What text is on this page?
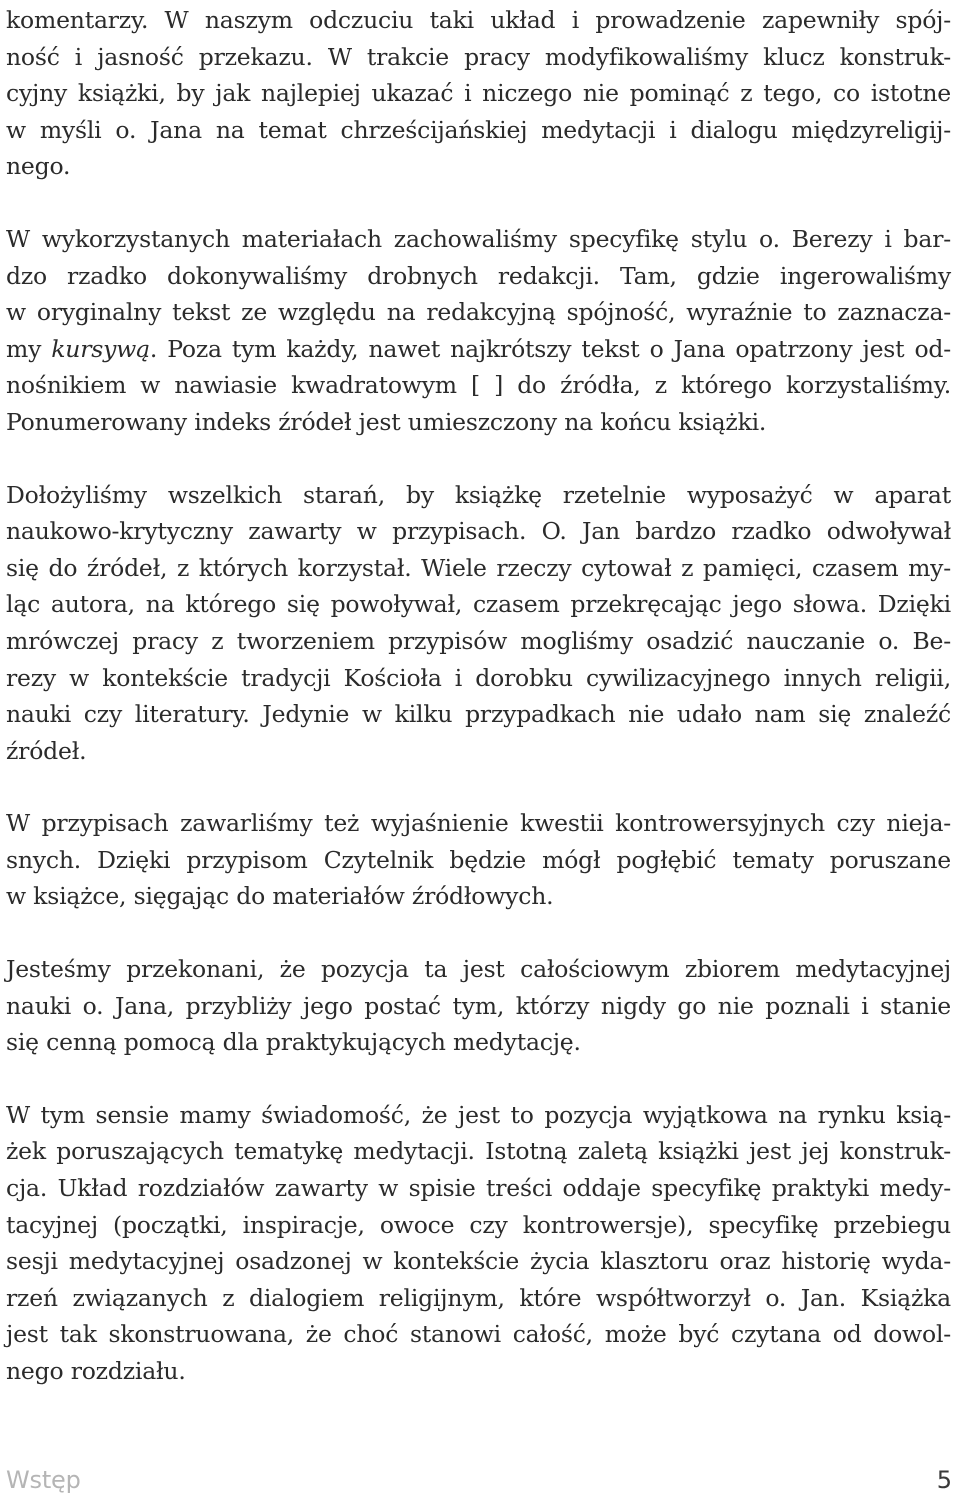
komentarzy. W naszym odczuciu taki układ i prowadzenie zapewniły spój-
ność i jasność przekazu. W trakcie pracy modyfikowaliśmy klucz konstruk-
cyjny książki, by jak najlepiej ukazać i niczego nie pominąć z tego, co istotne
w myśli o. Jana na temat chrześcijańskiej medytacji i dialogu międzyreligij-
nego.

W wykorzystanych materiałach zachowaliśmy specyfikę stylu o. Berezy i bar-
dzo rzadko dokonywaliśmy drobnych redakcji. Tam, gdzie ingerowaliśmy
w oryginalny tekst ze względu na redakcyjną spójność, wyraźnie to zaznacza-
my kursywą. Poza tym każdy, nawet najkrótszy tekst o Jana opatrzony jest od-
nośnikiem w nawiasie kwadratowym [ ] do źródła, z którego korzystaliśmy.
Ponumerowany indeks źródeł jest umieszczony na końcu książki.

Dołożyliśmy wszelkich starań, by książkę rzetelnie wyposażyć w aparat
naukowo-krytyczny zawarty w przypisach. O. Jan bardzo rzadko odwoływał
się do źródeł, z których korzystał. Wiele rzeczy cytował z pamięci, czasem my-
ląc autora, na którego się powoływał, czasem przekręcając jego słowa. Dzięki
mrówczej pracy z tworzeniem przypisów mogliśmy osadzić nauczanie o. Be-
rezy w kontekście tradycji Kościoła i dorobku cywilizacyjnego innych religii,
nauki czy literatury. Jedynie w kilku przypadkach nie udało nam się znaleźć
źródeł.

W przypisach zawarliśmy też wyjaśnienie kwestii kontrowersyjnych czy nieja-
snych. Dzięki przypisom Czytelnik będzie mógł pogłębić tematy poruszane
w książce, sięgając do materiałów źródłowych.

Jesteśmy przekonani, że pozycja ta jest całościowym zbiorem medytacyjnej
nauki o. Jana, przybliży jego postać tym, którzy nigdy go nie poznali i stanie
się cenną pomocą dla praktykujących medytację.

W tym sensie mamy świadomość, że jest to pozycja wyjątkowa na rynku ksią-
żek poruszających tematykę medytacji. Istotną zaletą książki jest jej konstruk-
cja. Układ rozdziałów zawarty w spisie treści oddaje specyfikę praktyki medy-
tacyjnej (początki, inspiracje, owoce czy kontrowersje), specyfikę przebiegu
sesji medytacyjnej osadzonej w kontekście życia klasztoru oraz historię wyda-
rzeń związanych z dialogiem religijnym, które współtworzył o. Jan. Książka
jest tak skonstruowana, że choć stanowi całość, może być czytana od dowol-
nego rozdziału.

Wstęp	5
